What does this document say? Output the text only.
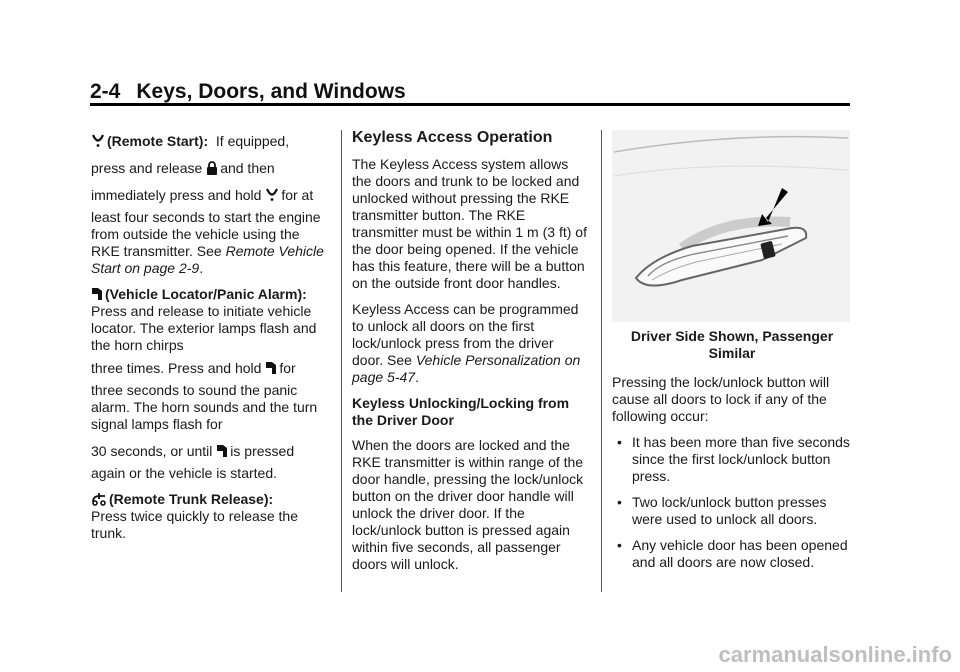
2-4 Keys, Doors, and Windows

(Remote Start): If equipped,
press and release and then
immediately press and hold for at

least four seconds to start the engine from outside the vehicle using the RKE transmitter. See Remote Vehicle Start on page 2-9.

(Vehicle Locator/Panic Alarm):  Press and release to initiate vehicle locator. The exterior lamps flash and the horn chirps

three times. Press and hold for

three seconds to sound the panic alarm. The horn sounds and the turn signal lamps flash for

30 seconds, or until is pressed

again or the vehicle is started.

(Remote Trunk Release):
Press twice quickly to release the trunk.

Keyless Access Operation

The Keyless Access system allows the doors and trunk to be locked and unlocked without pressing the RKE transmitter button. The RKE transmitter must be within 1 m (3 ft) of the door being opened. If the vehicle has this feature, there will be a button on the outside front door handles.

Keyless Access can be programmed to unlock all doors on the first lock/unlock press from the driver door. See Vehicle Personalization on page 5-47.

Keyless Unlocking/Locking from the Driver Door

When the doors are locked and the RKE transmitter is within range of the door handle, pressing the lock/unlock button on the driver door handle will unlock the driver door. If the lock/unlock button is pressed again within five seconds, all passenger doors will unlock.

Driver Side Shown, Passenger Similar

Pressing the lock/unlock button will cause all doors to lock if any of the following occur:

• It has been more than five seconds since the first lock/unlock button press.
• Two lock/unlock button presses were used to unlock all doors.
• Any vehicle door has been opened and all doors are now closed.
carmanualsonline.info
